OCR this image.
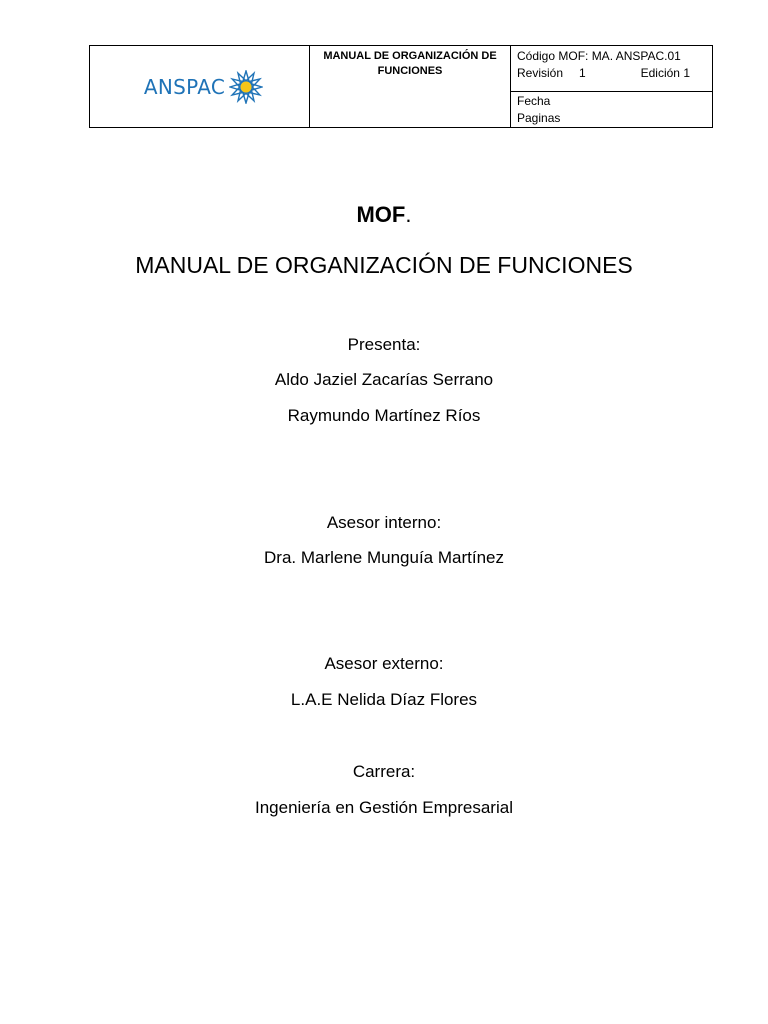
ANSPAC
MANUAL DE ORGANIZACIÓN DE
FUNCIONES
Código MOF: MA. ANSPAC.01
Revisión 1	Edición 1
Fecha
Paginas
MOF.
MANUAL DE ORGANIZACIÓN DE FUNCIONES
Presenta:
Aldo Jaziel Zacarías Serrano
Raymundo Martínez Ríos
Asesor interno:
Dra. Marlene Munguía Martínez
Asesor externo:
L.A.E Nelida Díaz Flores
Carrera:
Ingeniería en Gestión Empresarial
